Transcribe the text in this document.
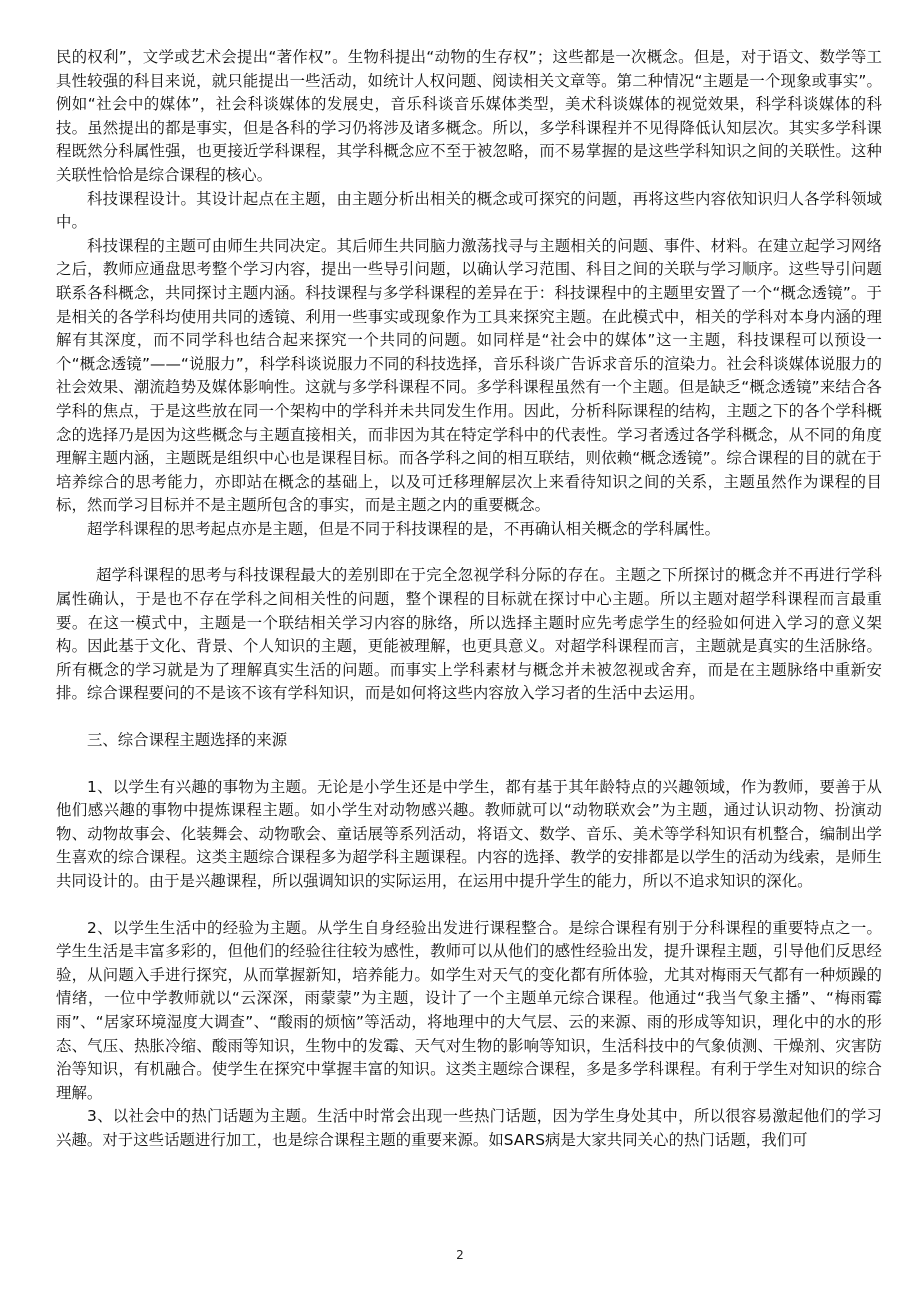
民的权利”，文学或艺术会提出“著作权”。生物科提出“动物的生存权”；这些都是一次概念。但是，对于语文、数学等工具性较强的科目来说，就只能提出一些活动，如统计人权问题、阅读相关文章等。第二种情况“主题是一个现象或事实”。例如“社会中的媒体”，社会科谈媒体的发展史，音乐科谈音乐媒体类型，美术科谈媒体的视觉效果，科学科谈媒体的科技。虽然提出的都是事实，但是各科的学习仍将涉及诸多概念。所以，多学科课程并不见得降低认知层次。其实多学科课程既然分科属性强，也更接近学科课程，其学科概念应不至于被忽略，而不易掌握的是这些学科知识之间的关联性。这种关联性恰恰是综合课程的核心。

科技课程设计。其设计起点在主题，由主题分析出相关的概念或可探究的问题，再将这些内容依知识归人各学科领域中。

科技课程的主题可由师生共同决定。其后师生共同脑力激荡找寻与主题相关的问题、事件、材料。在建立起学习网络之后，教师应通盘思考整个学习内容，提出一些导引问题，以确认学习范围、科目之间的关联与学习顺序。这些导引问题联系各科概念，共同探讨主题内涵。科技课程与多学科课程的差异在于：科技课程中的主题里安置了一个“概念透镜”。于是相关的各学科均使用共同的透镜、利用一些事实或现象作为工具来探究主题。在此模式中，相关的学科对本身内涵的理解有其深度，而不同学科也结合起来探究一个共同的问题。如同样是“社会中的媒体”这一主题，科技课程可以预设一个“概念透镜”——“说服力”，科学科谈说服力不同的科技选择，音乐科谈广告诉求音乐的渲染力。社会科谈媒体说服力的社会效果、潮流趋势及媒体影响性。这就与多学科课程不同。多学科课程虽然有一个主题。但是缺乏“概念透镜”来结合各学科的焦点，于是这些放在同一个架构中的学科并未共同发生作用。因此，分析科际课程的结构，主题之下的各个学科概念的选择乃是因为这些概念与主题直接相关，而非因为其在特定学科中的代表性。学习者透过各学科概念，从不同的角度理解主题内涵，主题既是组织中心也是课程目标。而各学科之间的相互联结，则依赖“概念透镜”。综合课程的目的就在于培养综合的思考能力，亦即站在概念的基础上，以及可迁移理解层次上来看待知识之间的关系，主题虽然作为课程的目标，然而学习目标并不是主题所包含的事实，而是主题之内的重要概念。

超学科课程的思考起点亦是主题，但是不同于科技课程的是，不再确认相关概念的学科属性。

超学科课程的思考与科技课程最大的差别即在于完全忽视学科分际的存在。主题之下所探讨的概念并不再进行学科属性确认，于是也不存在学科之间相关性的问题，整个课程的目标就在探讨中心主题。所以主题对超学科课程而言最重要。在这一模式中，主题是一个联结相关学习内容的脉络，所以选择主题时应先考虑学生的经验如何进入学习的意义架构。因此基于文化、背景、个人知识的主题，更能被理解，也更具意义。对超学科课程而言，主题就是真实的生活脉络。所有概念的学习就是为了理解真实生活的问题。而事实上学科素材与概念并未被忽视或舍弃，而是在主题脉络中重新安排。综合课程要问的不是该不该有学科知识，而是如何将这些内容放入学习者的生活中去运用。

三、综合课程主题选择的来源

1、以学生有兴趣的事物为主题。无论是小学生还是中学生，都有基于其年龄特点的兴趣领域，作为教师，要善于从他们感兴趣的事物中提炼课程主题。如小学生对动物感兴趣。教师就可以“动物联欢会”为主题，通过认识动物、扮演动物、动物故事会、化装舞会、动物歌会、童话展等系列活动，将语文、数学、音乐、美术等学科知识有机整合，编制出学生喜欢的综合课程。这类主题综合课程多为超学科主题课程。内容的选择、教学的安排都是以学生的活动为线索，是师生共同设计的。由于是兴趣课程，所以强调知识的实际运用，在运用中提升学生的能力，所以不追求知识的深化。

2、以学生生活中的经验为主题。从学生自身经验出发进行课程整合。是综合课程有别于分科课程的重要特点之一。学生生活是丰富多彩的，但他们的经验往往较为感性，教师可以从他们的感性经验出发，提升课程主题，引导他们反思经验，从问题入手进行探究，从而掌握新知，培养能力。如学生对天气的变化都有所体验，尤其对梅雨天气都有一种烦躁的情绪，一位中学教师就以“云深深，雨蒙蒙”为主题，设计了一个主题单元综合课程。他通过“我当气象主播”、“梅雨霉雨”、“居家环境湿度大调查”、“酸雨的烦恼”等活动，将地理中的大气层、云的来源、雨的形成等知识，理化中的水的形态、气压、热胀冷缩、酸雨等知识，生物中的发霉、天气对生物的影响等知识，生活科技中的气象侦测、干燥剂、灾害防治等知识，有机融合。使学生在探究中掌握丰富的知识。这类主题综合课程，多是多学科课程。有利于学生对知识的综合理解。

3、以社会中的热门话题为主题。生活中时常会出现一些热门话题，因为学生身处其中，所以很容易激起他们的学习兴趣。对于这些话题进行加工，也是综合课程主题的重要来源。如SARS病是大家共同关心的热门话题，我们可

2
